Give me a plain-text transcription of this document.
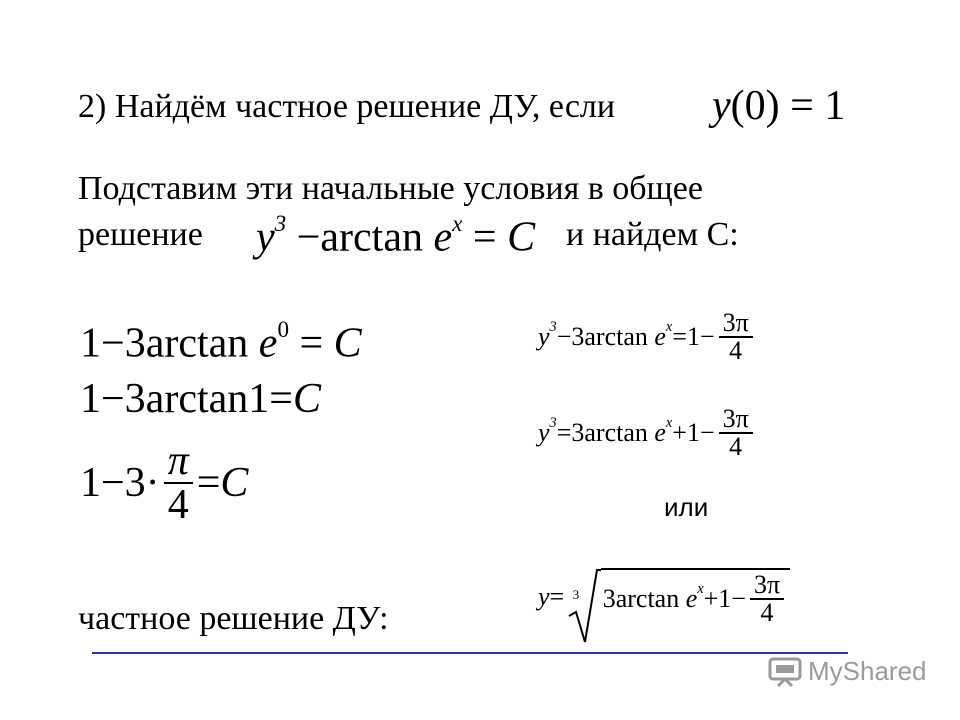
2) Найдём частное решение ДУ, если y(0) = 1
Подставим эти начальные условия в общее
решение $y^3 -\arctan$ $e^x = C$ и найдем С:
1−3arctan $e^0 = C$
1−3arctan1=C
$1-3\cdot \frac{\pi}{4} =C$
$y^3-3\arctan$ $e^x=1- \frac{3\pi}{4}$
$y^3=3\arctan$ $e^x+1- \frac{3\pi}{4}$
или
частное решение ДУ:
y= 3 3arctan $e^x+1- \frac{3\pi}{4}$
MyShared
